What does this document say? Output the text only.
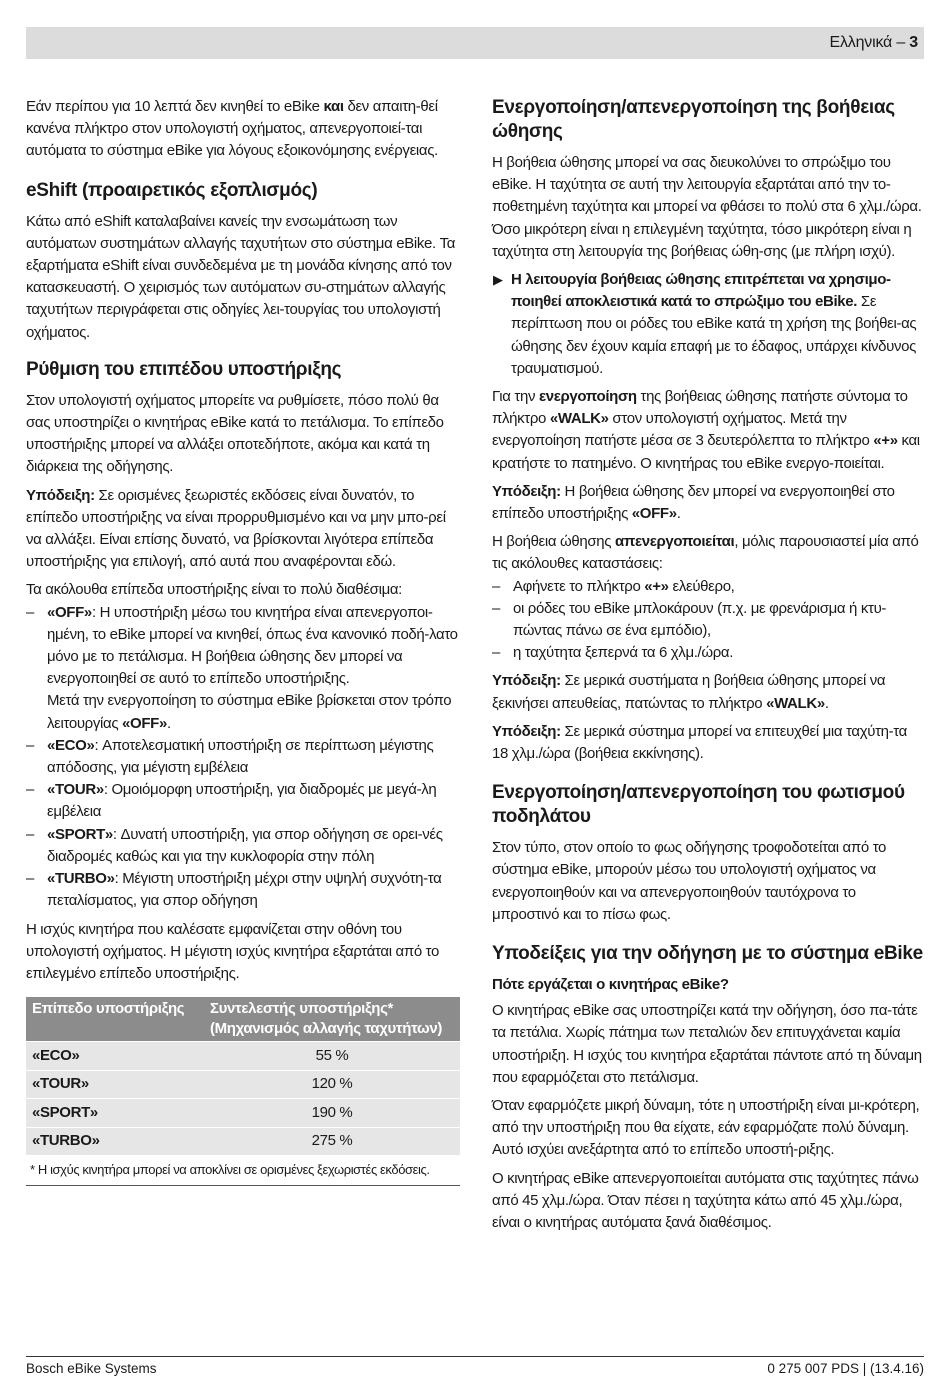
Ελληνικά – 3

Εάν περίπου για 10 λεπτά δεν κινηθεί το eBike και δεν απαιτη-θεί κανένα πλήκτρο στον υπολογιστή οχήματος, απενεργοποιεί-ται αυτόματα το σύστημα eBike για λόγους εξοικονόμησης ενέργειας.

eShift (προαιρετικός εξοπλισμός)

Κάτω από eShift καταλαβαίνει κανείς την ενσωμάτωση των αυτόματων συστημάτων αλλαγής ταχυτήτων στο σύστημα eBike. Τα εξαρτήματα eShift είναι συνδεδεμένα με τη μονάδα κίνησης από τον κατασκευαστή. Ο χειρισμός των αυτόματων συ-στημάτων αλλαγής ταχυτήτων περιγράφεται στις οδηγίες λει-τουργίας του υπολογιστή οχήματος.

Ρύθμιση του επιπέδου υποστήριξης

Στον υπολογιστή οχήματος μπορείτε να ρυθμίσετε, πόσο πολύ θα σας υποστηρίζει ο κινητήρας eBike κατά το πετάλισμα. Το επίπεδο υποστήριξης μπορεί να αλλάξει οποτεδήποτε, ακόμα και κατά τη διάρκεια της οδήγησης.

Υπόδειξη: Σε ορισμένες ξεωριστές εκδόσεις είναι δυνατόν, το επίπεδο υποστήριξης να είναι προρρυθμισμένο και να μην μπο-ρεί να αλλάξει. Είναι επίσης δυνατό, να βρίσκονται λιγότερα επίπεδα υποστήριξης για επιλογή, από αυτά που αναφέρονται εδώ.

Τα ακόλουθα επίπεδα υποστήριξης είναι το πολύ διαθέσιμα:

– «OFF»: Η υποστήριξη μέσω του κινητήρα είναι απενεργοποι-ημένη, το eBike μπορεί να κινηθεί, όπως ένα κανονικό ποδή-λατο μόνο με το πετάλισμα. Η βοήθεια ώθησης δεν μπορεί να ενεργοποιηθεί σε αυτό το επίπεδο υποστήριξης.
Μετά την ενεργοποίηση το σύστημα eBike βρίσκεται στον τρόπο λειτουργίας «OFF».
– «ECO»: Αποτελεσματική υποστήριξη σε περίπτωση μέγιστης απόδοσης, για μέγιστη εμβέλεια
– «TOUR»: Ομοιόμορφη υποστήριξη, για διαδρομές με μεγά-λη εμβέλεια
– «SPORT»: Δυνατή υποστήριξη, για σπορ οδήγηση σε ορει-νές διαδρομές καθώς και για την κυκλοφορία στην πόλη
– «TURBO»: Μέγιστη υποστήριξη μέχρι στην υψηλή συχνότη-τα πεταλίσματος, για σπορ οδήγηση

Η ισχύς κινητήρα που καλέσατε εμφανίζεται στην οθόνη του υπολογιστή οχήματος. Η μέγιστη ισχύς κινητήρα εξαρτάται από το επιλεγμένο επίπεδο υποστήριξης.

Επίπεδο υποστήριξης	Συντελεστής υποστήριξης* (Μηχανισμός αλλαγής ταχυτήτων)
«ECO»	55 %
«TOUR»	120 %
«SPORT»	190 %
«TURBO»	275 %
* Η ισχύς κινητήρα μπορεί να αποκλίνει σε ορισμένες ξεχωριστές εκδόσεις.
Ενεργοποίηση/απενεργοποίηση της βοήθειας ώθησης

Η βοήθεια ώθησης μπορεί να σας διευκολύνει το σπρώξιμο του eBike. Η ταχύτητα σε αυτή την λειτουργία εξαρτάται από την το-ποθετημένη ταχύτητα και μπορεί να φθάσει το πολύ στα 6 χλμ./ώρα. Όσο μικρότερη είναι η επιλεγμένη ταχύτητα, τόσο μικρότερη είναι η ταχύτητα στη λειτουργία της βοήθειας ώθη-σης (με πλήρη ισχύ).

▶ Η λειτουργία βοήθειας ώθησης επιτρέπεται να χρησιμο-ποιηθεί αποκλειστικά κατά το σπρώξιμο του eBike. Σε περίπτωση που οι ρόδες του eBike κατά τη χρήση της βοήθει-ας ώθησης δεν έχουν καμία επαφή με το έδαφος, υπάρχει κίνδυνος τραυματισμού.

Για την ενεργοποίηση της βοήθειας ώθησης πατήστε σύντομα το πλήκτρο «WALK» στον υπολογιστή οχήματος. Μετά την ενεργοποίηση πατήστε μέσα σε 3 δευτερόλεπτα το πλήκτρο «+» και κρατήστε το πατημένο. Ο κινητήρας του eBike ενεργο-ποιείται.

Υπόδειξη: Η βοήθεια ώθησης δεν μπορεί να ενεργοποιηθεί στο επίπεδο υποστήριξης «OFF».

Η βοήθεια ώθησης απενεργοποιείται, μόλις παρουσιαστεί μία από τις ακόλουθες καταστάσεις:

– Αφήνετε το πλήκτρο «+» ελεύθερο,
– οι ρόδες του eBike μπλοκάρουν (π.χ. με φρενάρισμα ή κτυ-πώντας πάνω σε ένα εμπόδιο),
– η ταχύτητα ξεπερνά τα 6 χλμ./ώρα.

Υπόδειξη: Σε μερικά συστήματα η βοήθεια ώθησης μπορεί να ξεκινήσει απευθείας, πατώντας το πλήκτρο «WALK».

Υπόδειξη: Σε μερικά σύστημα μπορεί να επιτευχθεί μια ταχύτη-τα 18 χλμ./ώρα (βοήθεια εκκίνησης).

Ενεργοποίηση/απενεργοποίηση του φωτισμού ποδηλάτου

Στον τύπο, στον οποίο το φως οδήγησης τροφοδοτείται από το σύστημα eBike, μπορούν μέσω του υπολογιστή οχήματος να ενεργοποιηθούν και να απενεργοποιηθούν ταυτόχρονα το μπροστινό και το πίσω φως.

Υποδείξεις για την οδήγηση με το σύστημα eBike
Πότε εργάζεται ο κινητήρας eBike?

Ο κινητήρας eBike σας υποστηρίζει κατά την οδήγηση, όσο πα-τάτε τα πετάλια. Χωρίς πάτημα των πεταλιών δεν επιτυγχάνεται καμία υποστήριξη. Η ισχύς του κινητήρα εξαρτάται πάντοτε από τη δύναμη που εφαρμόζεται στο πετάλισμα.

Όταν εφαρμόζετε μικρή δύναμη, τότε η υποστήριξη είναι μι-κρότερη, από την υποστήριξη που θα είχατε, εάν εφαρμόζατε πολύ δύναμη. Αυτό ισχύει ανεξάρτητα από το επίπεδο υποστή-ριξης.

Ο κινητήρας eBike απενεργοποιείται αυτόματα στις ταχύτητες πάνω από 45 χλμ./ώρα. Όταν πέσει η ταχύτητα κάτω από 45 χλμ./ώρα, είναι ο κινητήρας αυτόματα ξανά διαθέσιμος.

Bosch eBike Systems	0 275 007 PDS | (13.4.16)
